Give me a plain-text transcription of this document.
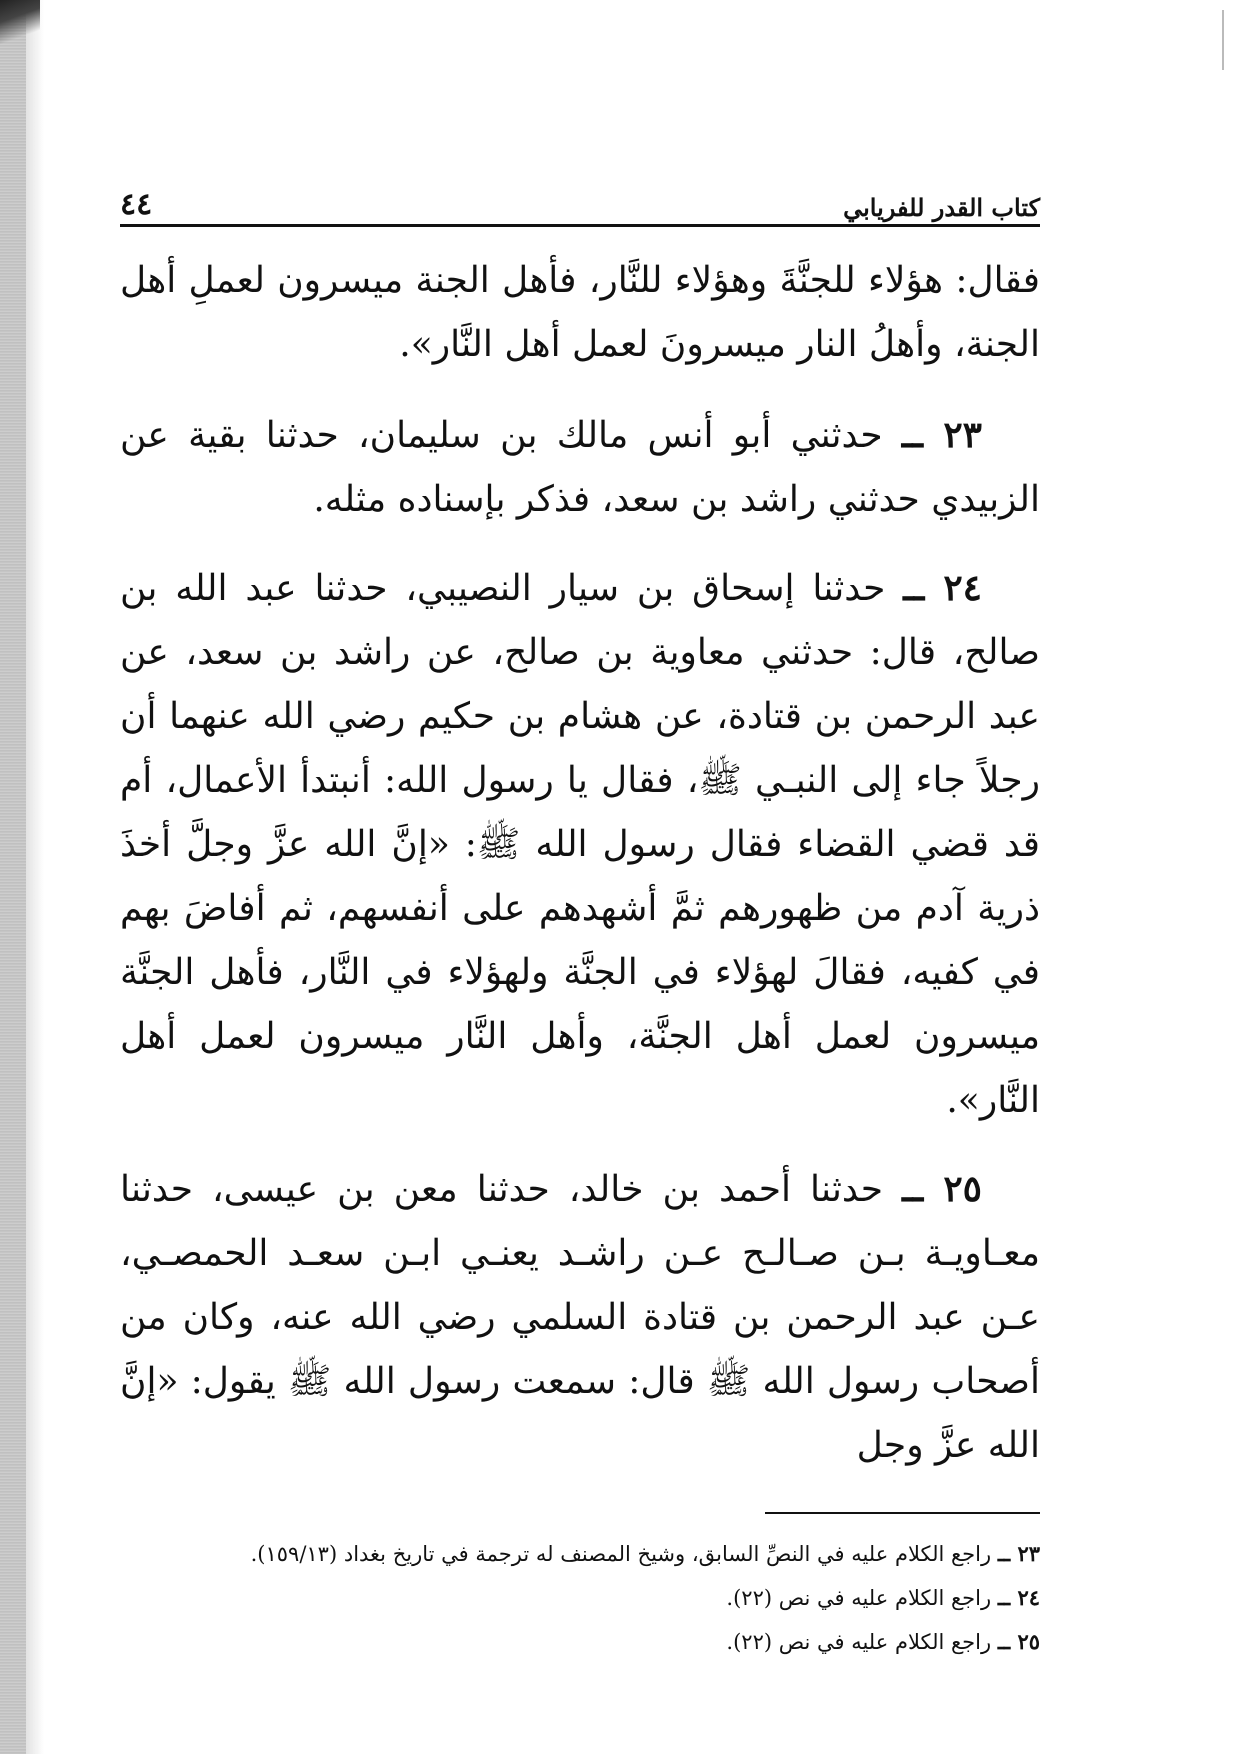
كتاب القدر للفريابي
٤٤

فقال: هؤلاء للجنَّةَ وهؤلاء للنَّار، فأهل الجنة ميسرون لعملِ أهل الجنة، وأهلُ النار ميسرونَ لعمل أهل النَّار».

٢٣ ــ حدثني أبو أنس مالك بن سليمان، حدثنا بقية عن الزبيدي حدثني راشد بن سعد، فذكر بإسناده مثله.

٢٤ ــ حدثنا إسحاق بن سيار النصيبي، حدثنا عبد الله بن صالح، قال: حدثني معاوية بن صالح، عن راشد بن سعد، عن عبد الرحمن بن قتادة، عن هشام بن حكيم رضي الله عنهما أن رجلاً جاء إلى النبـي ﷺ، فقال يا رسول الله: أنبتدأ الأعمال، أم قد قضي القضاء فقال رسول الله ﷺ: «إنَّ الله عزَّ وجلَّ أخذَ ذرية آدم من ظهورهم ثمَّ أشهدهم على أنفسهم، ثم أفاضَ بهم في كفيه، فقالَ لهؤلاء في الجنَّة ولهؤلاء في النَّار، فأهل الجنَّة ميسرون لعمل أهل الجنَّة، وأهل النَّار ميسرون لعمل أهل النَّار».

٢٥ ــ حدثنا أحمد بن خالد، حدثنا معن بن عيسى، حدثنا معـاويـة بـن صـالـح عـن راشـد يعنـي ابـن سعـد الحمصـي، عـن عبد الرحمن بن قتادة السلمي رضي الله عنه، وكان من أصحاب رسول الله ﷺ قال: سمعت رسول الله ﷺ يقول: «إنَّ الله عزَّ وجل

٢٣ ــ راجع الكلام عليه في النصِّ السابق، وشيخ المصنف له ترجمة في تاريخ بغداد (١٥٩/١٣).

٢٤ ــ راجع الكلام عليه في نص (٢٢).

٢٥ ــ راجع الكلام عليه في نص (٢٢).
